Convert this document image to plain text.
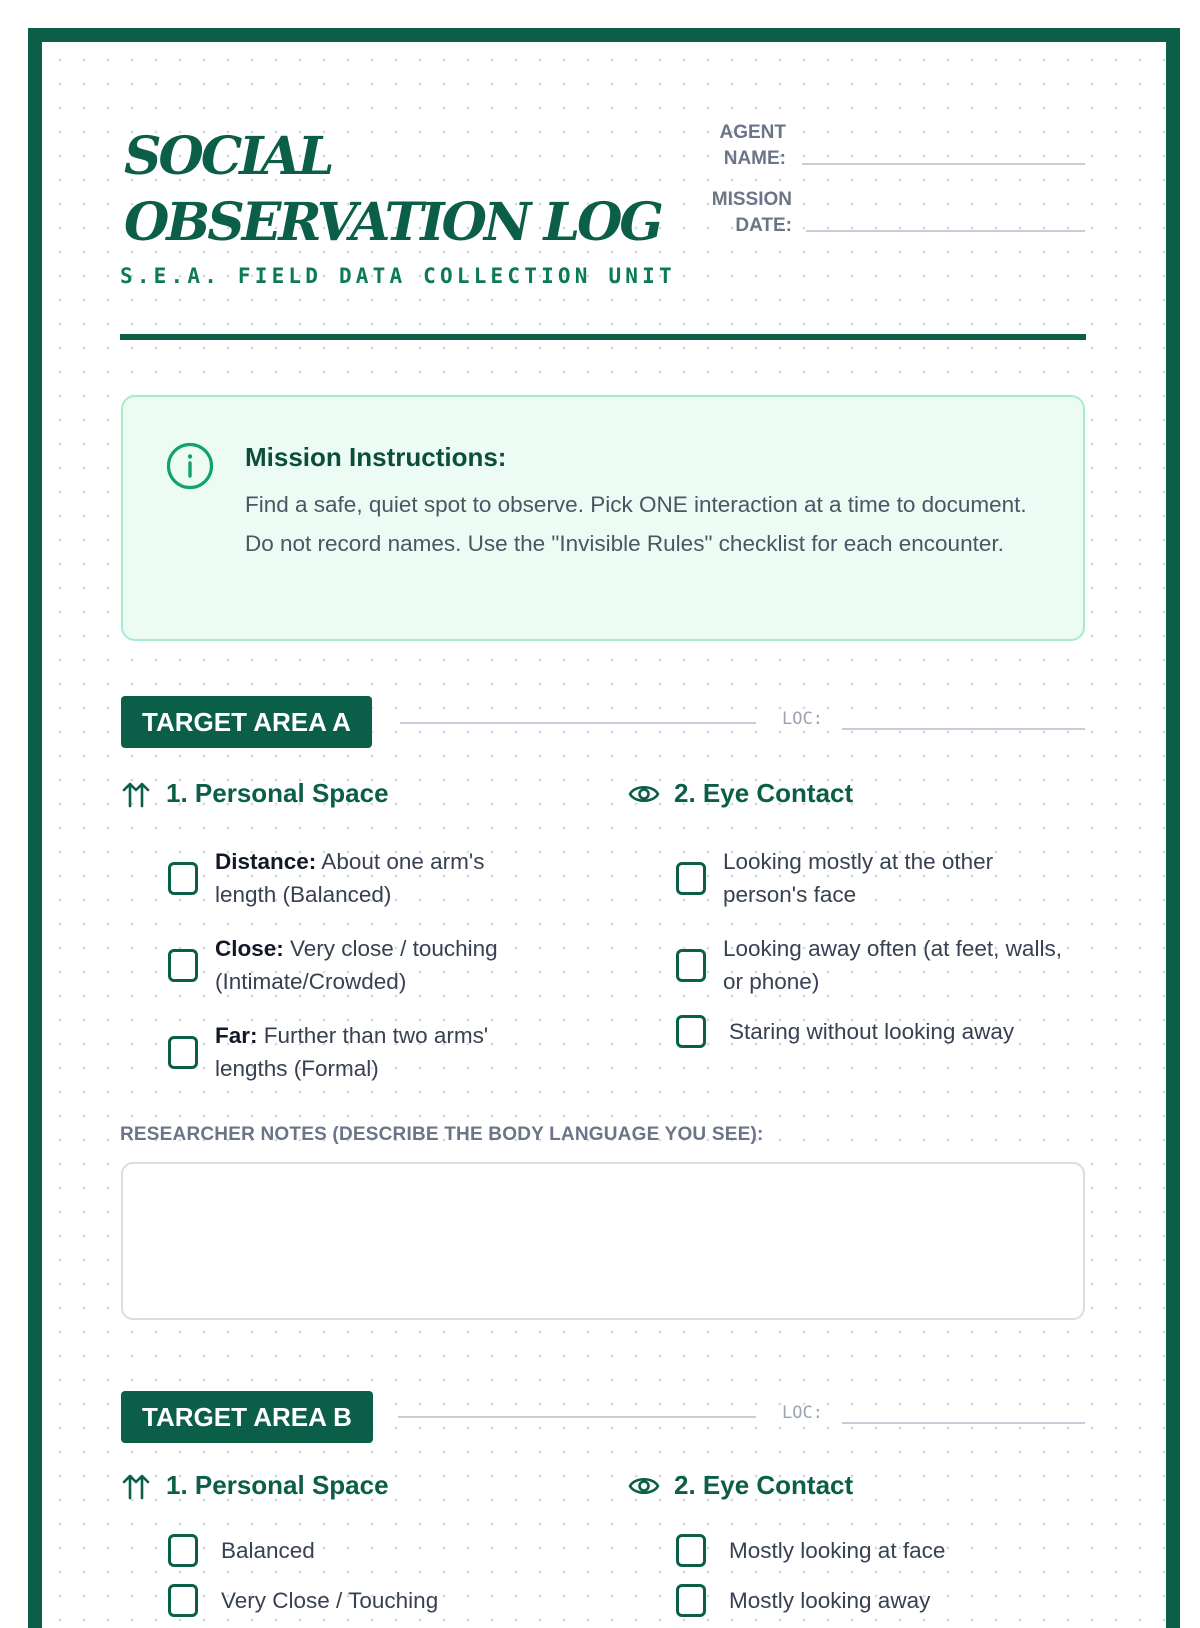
SOCIAL
OBSERVATION LOG
S.E.A. FIELD DATA COLLECTION UNIT
AGENT
NAME:
MISSION
DATE:
Mission Instructions:
Find a safe, quiet spot to observe. Pick ONE interaction at a time to document. Do not record names. Use the "Invisible Rules" checklist for each encounter.
TARGET AREA A	LOC:
1. Personal Space
Distance: About one arm's length (Balanced)
Close: Very close / touching (Intimate/Crowded)
Far: Further than two arms' lengths (Formal)
2. Eye Contact
Looking mostly at the other person's face
Looking away often (at feet, walls, or phone)
Staring without looking away
RESEARCHER NOTES (DESCRIBE THE BODY LANGUAGE YOU SEE):
TARGET AREA B	LOC:
1. Personal Space
Balanced
Very Close / Touching
2. Eye Contact
Mostly looking at face
Mostly looking away
